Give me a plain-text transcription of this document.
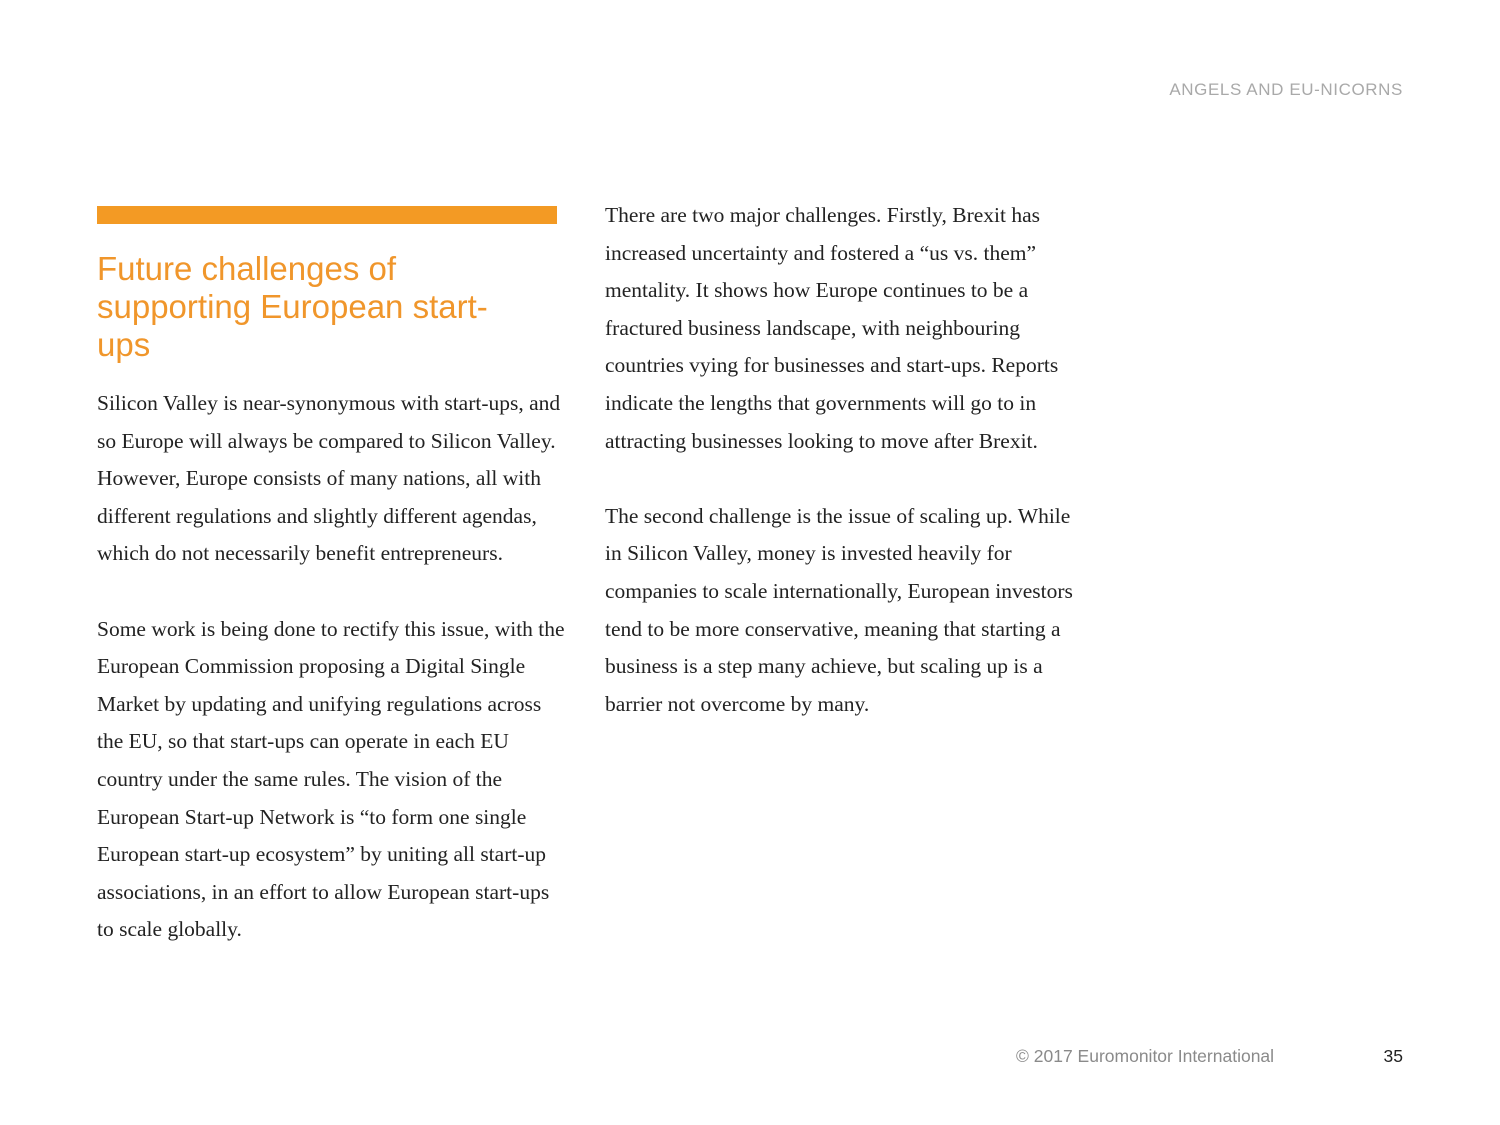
ANGELS AND EU-NICORNS
Future challenges of supporting European start-ups

Silicon Valley is near-synonymous with start-ups, and so Europe will always be compared to Silicon Valley. However, Europe consists of many nations, all with different regulations and slightly different agendas, which do not necessarily benefit entrepreneurs.

Some work is being done to rectify this issue, with the European Commission proposing a Digital Single Market by updating and unifying regulations across the EU, so that start-ups can operate in each EU country under the same rules. The vision of the European Start-up Network is “to form one single European start-up ecosystem” by uniting all start-up associations, in an effort to allow European start-ups to scale globally.

There are two major challenges. Firstly, Brexit has increased uncertainty and fostered a “us vs. them” mentality. It shows how Europe continues to be a fractured business landscape, with neighbouring countries vying for businesses and start-ups. Reports indicate the lengths that governments will go to in attracting businesses looking to move after Brexit.

The second challenge is the issue of scaling up. While in Silicon Valley, money is invested heavily for companies to scale internationally, European investors tend to be more conservative, meaning that starting a business is a step many achieve, but scaling up is a barrier not overcome by many.

© 2017 Euromonitor International	35
